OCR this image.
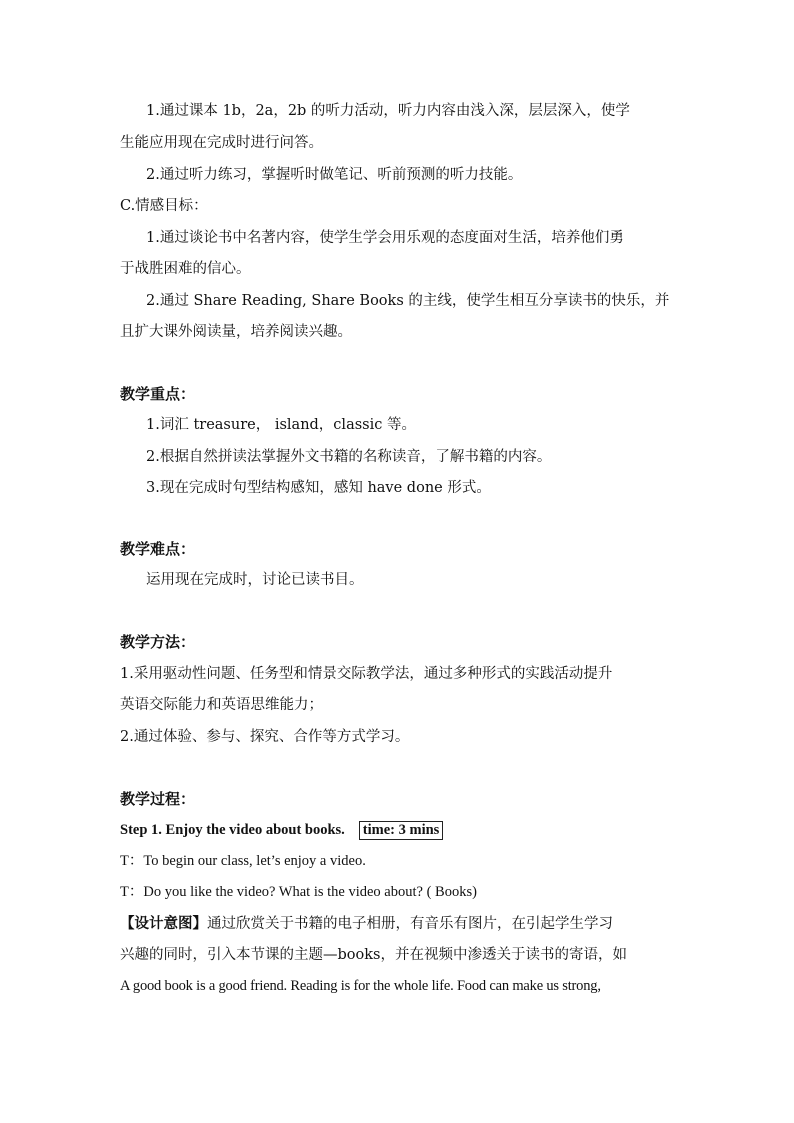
1.通过课本 1b，2a，2b 的听力活动，听力内容由浅入深，层层深入，使学
生能应用现在完成时进行问答。
2.通过听力练习，掌握听时做笔记、听前预测的听力技能。
C.情感目标：
1.通过谈论书中名著内容，使学生学会用乐观的态度面对生活，培养他们勇
于战胜困难的信心。
2.通过 Share Reading, Share Books 的主线，使学生相互分享读书的快乐，并
且扩大课外阅读量，培养阅读兴趣。
教学重点：
1.词汇 treasure， island，classic 等。
2.根据自然拼读法掌握外文书籍的名称读音，了解书籍的内容。
3.现在完成时句型结构感知，感知 have done 形式。
教学难点：
运用现在完成时，讨论已读书目。
教学方法：
1.采用驱动性问题、任务型和情景交际教学法，通过多种形式的实践活动提升
英语交际能力和英语思维能力；
2.通过体验、参与、探究、合作等方式学习。
教学过程：
Step 1. Enjoy the video about books. time: 3 mins
T：To begin our class, let’s enjoy a video.
T：Do you like the video? What is the video about? ( Books)
【设计意图】通过欣赏关于书籍的电子相册，有音乐有图片，在引起学生学习
兴趣的同时，引入本节课的主题—books，并在视频中渗透关于读书的寄语，如
A good book is a good friend. Reading is for the whole life. Food can make us strong,
